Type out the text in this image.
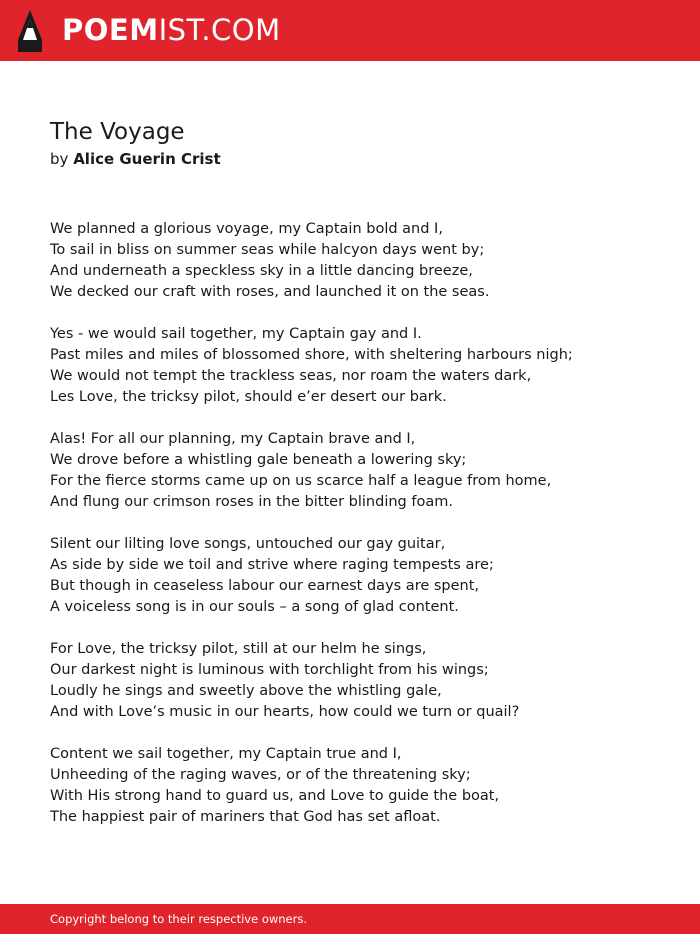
POEMIST.COM
The Voyage
by Alice Guerin Crist
We planned a glorious voyage, my Captain bold and I,
To sail in bliss on summer seas while halcyon days went by;
And underneath a speckless sky in a little dancing breeze,
We decked our craft with roses, and launched it on the seas.
Yes - we would sail together, my Captain gay and I.
Past miles and miles of blossomed shore, with sheltering harbours nigh;
We would not tempt the trackless seas, nor roam the waters dark,
Les Love, the tricksy pilot, should e’er desert our bark.
Alas! For all our planning, my Captain brave and I,
We drove before a whistling gale beneath a lowering sky;
For the fierce storms came up on us scarce half a league from home,
And flung our crimson roses in the bitter blinding foam.
Silent our lilting love songs, untouched our gay guitar,
As side by side we toil and strive where raging tempests are;
But though in ceaseless labour our earnest days are spent,
A voiceless song is in our souls – a song of glad content.
For Love, the tricksy pilot, still at our helm he sings,
Our darkest night is luminous with torchlight from his wings;
Loudly he sings and sweetly above the whistling gale,
And with Love’s music in our hearts, how could we turn or quail?
Content we sail together, my Captain true and I,
Unheeding of the raging waves, or of the threatening sky;
With His strong hand to guard us, and Love to guide the boat,
The happiest pair of mariners that God has set afloat.
Copyright belong to their respective owners.
